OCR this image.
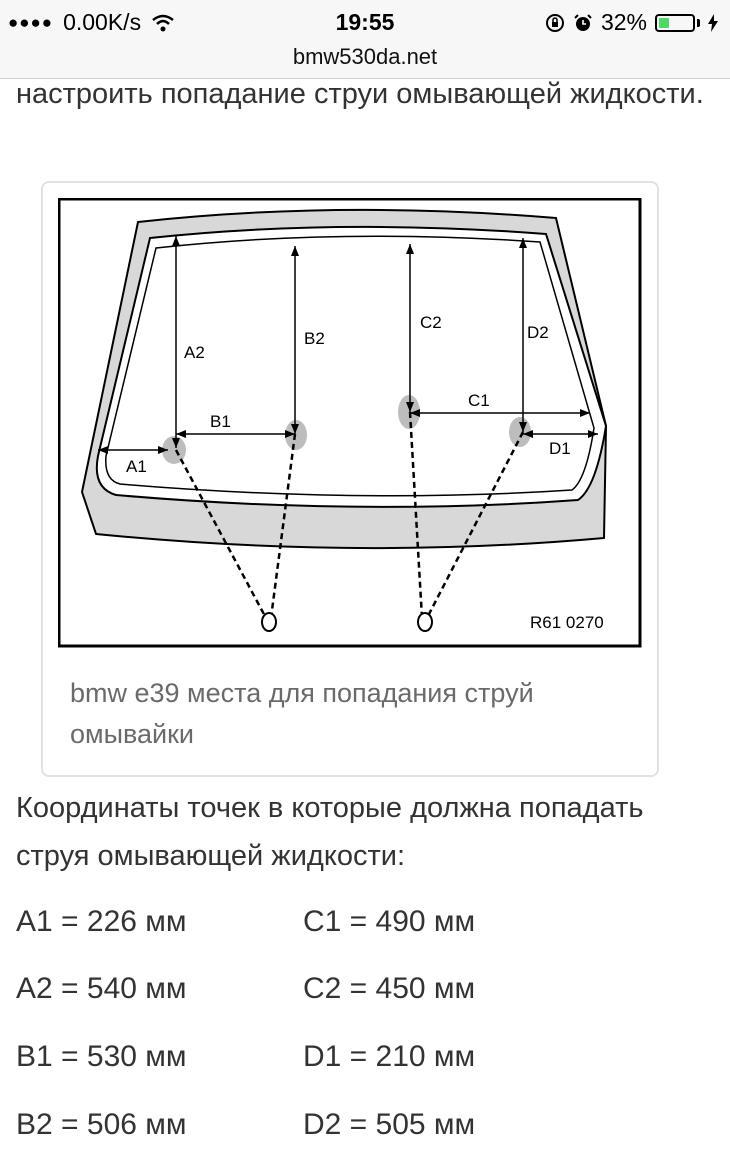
●●●● 0.00K/s	19:55	32%
bmw530da.net
настроить попадание струи омывающей жидкости.
A2
B2
C2
D2
A1
B1
C1
D1
R61 0270
bmw e39 места для попадания струй омывайки
Координаты точек в которые должна попадать струя омывающей жидкости:
A1 = 226 мм
A2 = 540 мм
B1 = 530 мм
B2 = 506 мм
C1 = 490 мм
C2 = 450 мм
D1 = 210 мм
D2 = 505 мм
